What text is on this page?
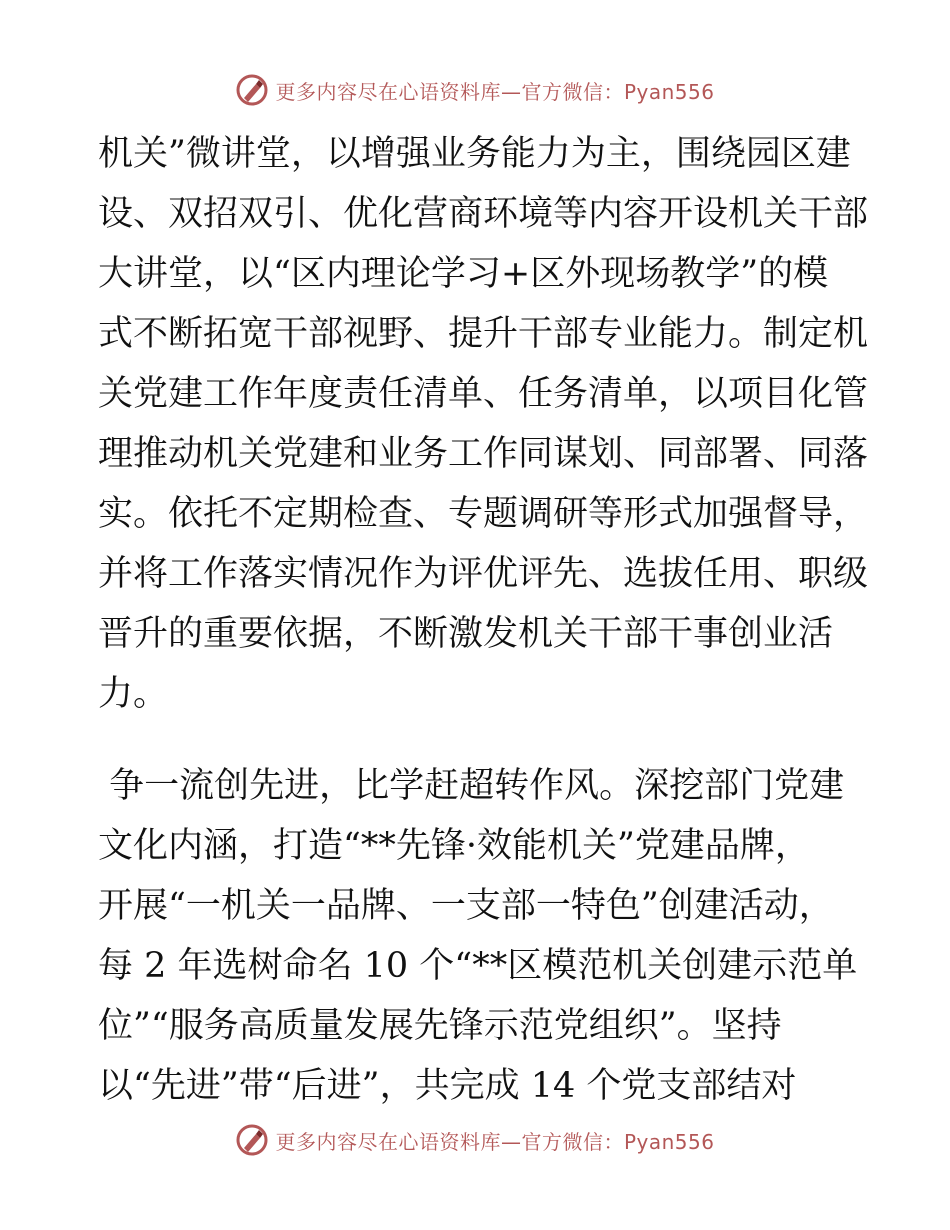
更多内容尽在心语资料库—官方微信：Pyan556
机关”微讲堂，以增强业务能力为主，围绕园区建
设、双招双引、优化营商环境等内容开设机关干部
大讲堂，以“区内理论学习+区外现场教学”的模
式不断拓宽干部视野、提升干部专业能力。制定机
关党建工作年度责任清单、任务清单，以项目化管
理推动机关党建和业务工作同谋划、同部署、同落
实。依托不定期检查、专题调研等形式加强督导，
并将工作落实情况作为评优评先、选拔任用、职级
晋升的重要依据，不断激发机关干部干事创业活
力。
争一流创先进，比学赶超转作风。深挖部门党建
文化内涵，打造“**先锋·效能机关”党建品牌，
开展“一机关一品牌、一支部一特色”创建活动，
每 2 年选树命名 10 个“**区模范机关创建示范单
位”“服务高质量发展先锋示范党组织”。坚持
以“先进”带“后进”，共完成 14 个党支部结对
更多内容尽在心语资料库—官方微信：Pyan556
